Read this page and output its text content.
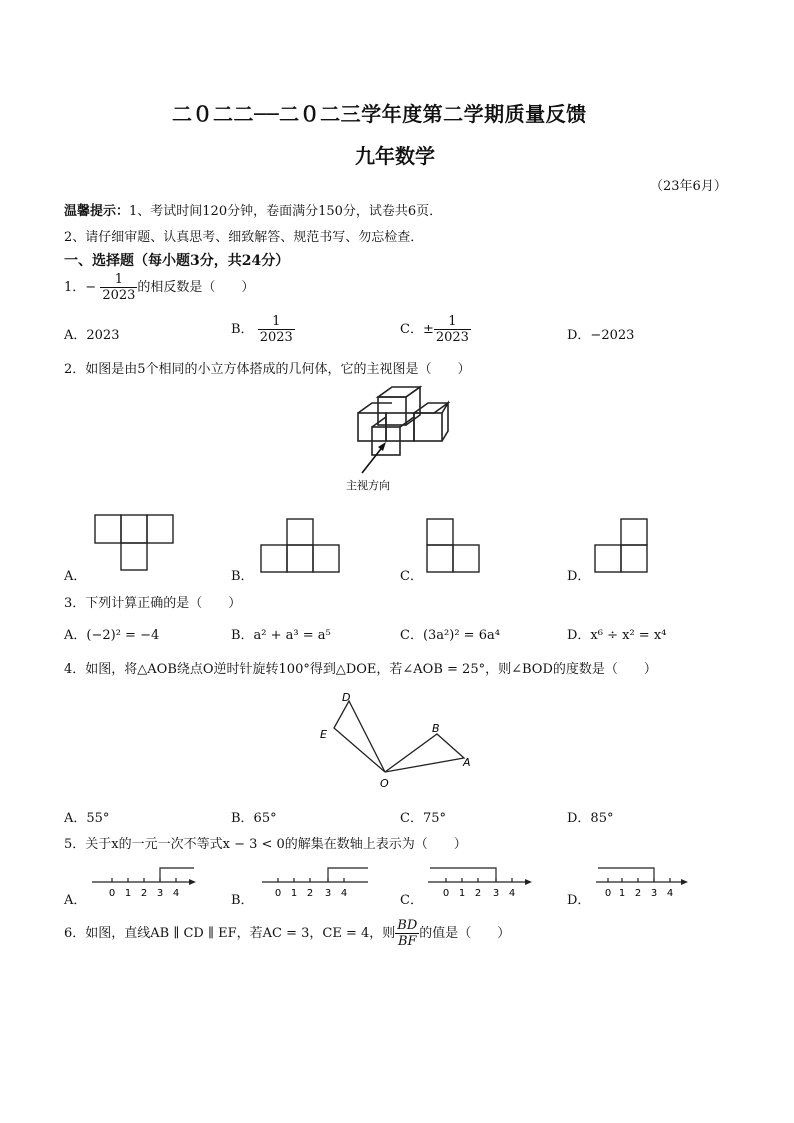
二０二二──二０二三学年度第二学期质量反馈
九年数学
（23年6月）
温馨提示：1、考试时间120分钟，卷面满分150分，试卷共6页．
2、请仔细审题、认真思考、细致解答、规范书写、勿忘检查．
一、选择题（每小题3分，共24分）
1．− $\frac{1}{2023}$ 的相反数是（　　）
A．2023	B． $\frac{1}{2023}$	C．± $\frac{1}{2023}$	D．−2023
2．如图是由5个相同的小立方体搭成的几何体，它的主视图是（　　）
主视方向
A．	B．	C．	D．
3．下列计算正确的是（　　）
A．(−2)² = −4	B．a² + a³ = a⁵	C．(3a²)² = 6a⁴	D．x⁶ ÷ x² = x⁴
4．如图，将△AOB绕点O逆时针旋转100°得到△DOE，若∠AOB = 25°，则∠BOD的度数是（　　）
D
E
O
B
A
A．55°	B．65°	C．75°	D．85°
5．关于x的一元一次不等式x − 3 < 0的解集在数轴上表示为（　　）
A． 0 1 2 3 4	B． 0 1 2 3 4	C． 0 1 2 3 4	D． 0 1 2 3 4
6．如图，直线AB ∥ CD ∥ EF，若AC = 3，CE = 4，则 $\frac{BD}{BF}$ 的值是（　　）
